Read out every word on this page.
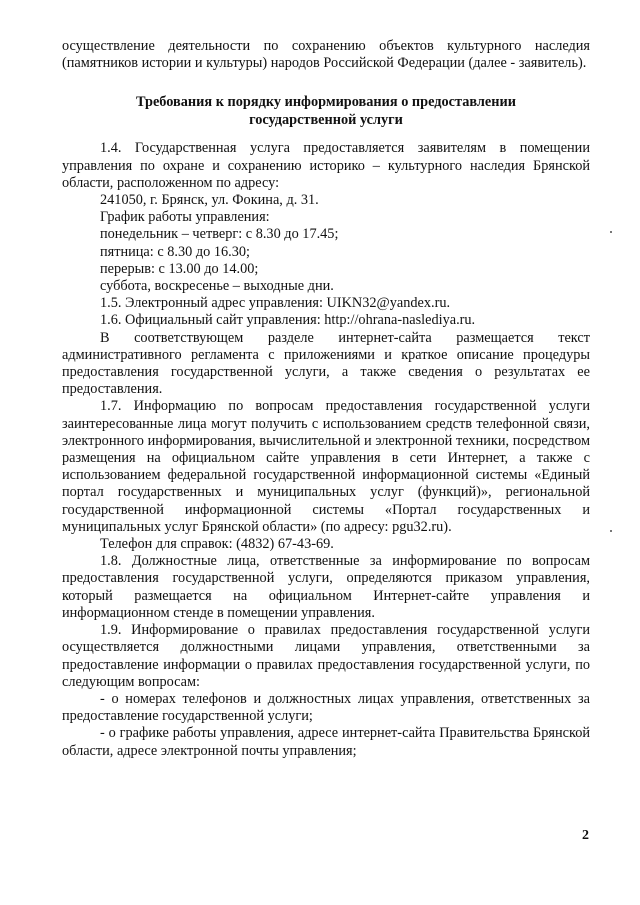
осуществление деятельности по сохранению объектов культурного наследия (памятников истории и культуры) народов Российской Федерации (далее - заявитель).

Требования к порядку информирования о предоставлении

государственной услуги

1.4. Государственная услуга предоставляется заявителям в помещении управления по охране и сохранению историко – культурного наследия Брянской области, расположенном по адресу:

241050, г. Брянск, ул. Фокина, д. 31.

График работы управления:

понедельник – четверг: с 8.30 до 17.45;

пятница: с 8.30 до 16.30;

перерыв: с 13.00 до 14.00;

суббота, воскресенье – выходные дни.

1.5. Электронный адрес управления: UIKN32@yandex.ru.

1.6. Официальный сайт управления: http://ohrana-naslediya.ru.

В соответствующем разделе интернет-сайта размещается текст административного регламента с приложениями и краткое описание процедуры предоставления государственной услуги, а также сведения о результатах ее предоставления.

1.7. Информацию по вопросам предоставления государственной услуги заинтересованные лица могут получить с использованием средств телефонной связи, электронного информирования, вычислительной и электронной техники, посредством размещения на официальном сайте управления в сети Интернет, а также с использованием федеральной государственной информационной системы «Единый портал государственных и муниципальных услуг (функций)», региональной государственной информационной системы «Портал государственных и муниципальных услуг Брянской области» (по адресу: pgu32.ru).

Телефон для справок: (4832) 67-43-69.

1.8. Должностные лица, ответственные за информирование по вопросам предоставления государственной услуги, определяются приказом управления, который размещается на официальном Интернет-сайте управления и информационном стенде в помещении управления.

1.9. Информирование о правилах предоставления государственной услуги осуществляется должностными лицами управления, ответственными за предоставление информации о правилах предоставления государственной услуги, по следующим вопросам:

- о номерах телефонов и должностных лицах управления, ответственных за предоставление государственной услуги;

- о графике работы управления, адресе интернет-сайта Правительства Брянской области, адресе электронной почты управления;

2
